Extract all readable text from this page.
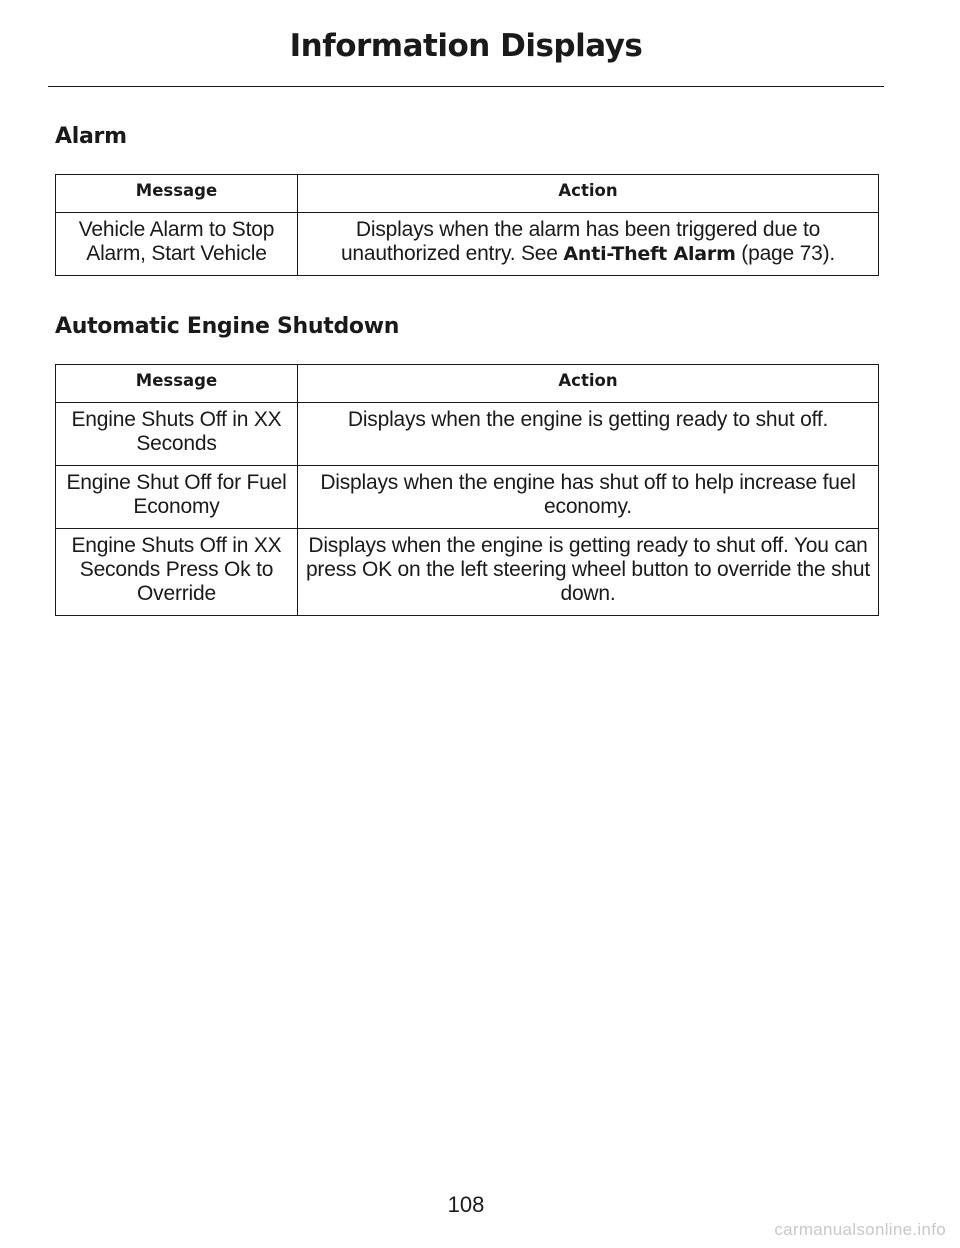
Information Displays
Alarm
Message	Action
Vehicle Alarm to Stop Alarm, Start Vehicle	Displays when the alarm has been triggered due to unauthorized entry. See Anti-Theft Alarm (page 73).
Automatic Engine Shutdown
Message	Action
Engine Shuts Off in XX Seconds	Displays when the engine is getting ready to shut off.
Engine Shut Off for Fuel Economy	Displays when the engine has shut off to help increase fuel economy.
Engine Shuts Off in XX Seconds Press Ok to Override	Displays when the engine is getting ready to shut off. You can press OK on the left steering wheel button to override the shut down.
108
carmanualsonline.info
